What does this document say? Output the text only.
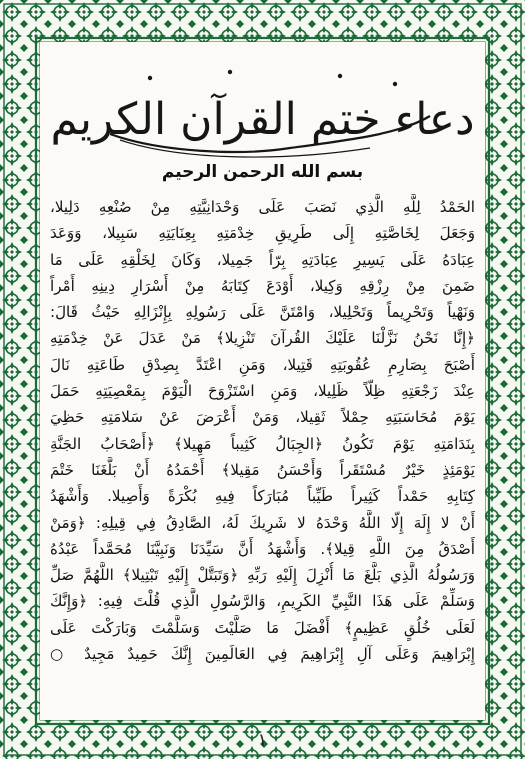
دعاء ختم القرآن الكريم
بسم الله الرحمن الرحيم
الحَمْدُ لِلَّهِ الَّذِي نَصَبَ عَلَى وَحْدَانِيَّتِهِ مِنْ صُنْعِهِ دَلِيلا،
وَجَعَلَ لِخَاصَّتِهِ إِلَى طَرِيقِ خِدْمَتِهِ بِعِنَايَتِهِ سَبِيلا، وَوَعَدَ
عِبَادَهُ عَلَى يَسِيرِ عِبَادَتِهِ بِرّاً جَمِيلا، وَكَانَ لِخَلْقِهِ عَلَى مَا
ضَمِنَ مِنْ رِزْقِهِ وَكِيلا، أَوْدَعَ كِتَابَهُ مِنْ أَسْرَارِ دِينِهِ أَمْراً
وَنَهْياً وَتَحْرِيماً وَتَحْلِيلا، وَامْتَنَّ عَلَى رَسُولِهِ بِإِنْزَالِهِ حَيْثُ قَالَ:
﴿إِنَّا نَحْنُ نَزَّلْنَا عَلَيْكَ القُرآنَ تَنْزِيلا﴾ مَنْ عَدَلَ عَنْ خِدْمَتِهِ
أَصْبَحَ بِصَارِمِ عُقُوبَتِهِ قَتِيلا، وَمَنِ اعْتَدَّ بِصِدْقِ طَاعَتِهِ نَالَ
عِنْدَ زَجْعَتِهِ ظِلّاً ظَلِيلا، وَمَنِ اسْتَزْوَحَ الْيَوْمَ بِمَعْصِيَتِهِ حَمَلَ
يَوْمَ مُحَاسَبَتِهِ حِمْلاً ثَقِيلا، وَمَنْ أَعْرَضَ عَنْ سَلامَتِهِ حَظِيَ
بِنَدَامَتِهِ يَوْمَ تَكُونُ ﴿الجِبَالُ كَثِيباً مَهِيلا﴾ ﴿أَصْحَابُ الجَنَّةِ
يَوْمَئِذٍ خَيْرٌ مُسْتَقَراً وَأَحْسَنُ مَقِيلا﴾ أَحْمَدُهُ أَنْ بَلَّغَنَا خَتْمَ
كِتَابِهِ حَمْداً كَثِيراً طَيِّباً مُبَارَكاً فِيهِ بُكْرَةً وَأَصِيلا. وَأَشْهَدُ
أَنْ لا إِلَهَ إِلّا اللَّهُ وَحْدَهُ لا شَرِيكَ لَهُ، الصَّادِقُ فِي قِيلِهِ: ﴿وَمَنْ
أَصْدَقُ مِنَ اللَّهِ قِيلا﴾. وَأَشْهَدُ أَنَّ سَيِّدَنَا وَنَبِيَّنَا مُحَمَّداً عَبْدُهُ
وَرَسُولُهُ الَّذِي بَلَّغَ مَا أُنْزِلَ إِلَيْهِ رَبِّهِ ﴿وَتَبَتَّلْ إِلَيْهِ تَبْتِيلا﴾ اللَّهُمَّ صَلِّ
وَسَلِّمْ عَلَى هَذَا النَّبِيِّ الكَرِيمِ، وَالرَّسُولِ الَّذِي قُلْتَ فِيهِ: ﴿وَإِنَّكَ
لَعَلَى خُلُقٍ عَظِيمٍ﴾ أَفْضَلَ مَا صَلَّيْتَ وَسَلَّمْتَ وَبَارَكْتَ عَلَى
إِبْرَاهِيمَ وَعَلَى آلِ إِبْرَاهِيمَ فِي العَالَمِينَ إِنَّكَ حَمِيدٌ مَجِيدٌ ○
١
